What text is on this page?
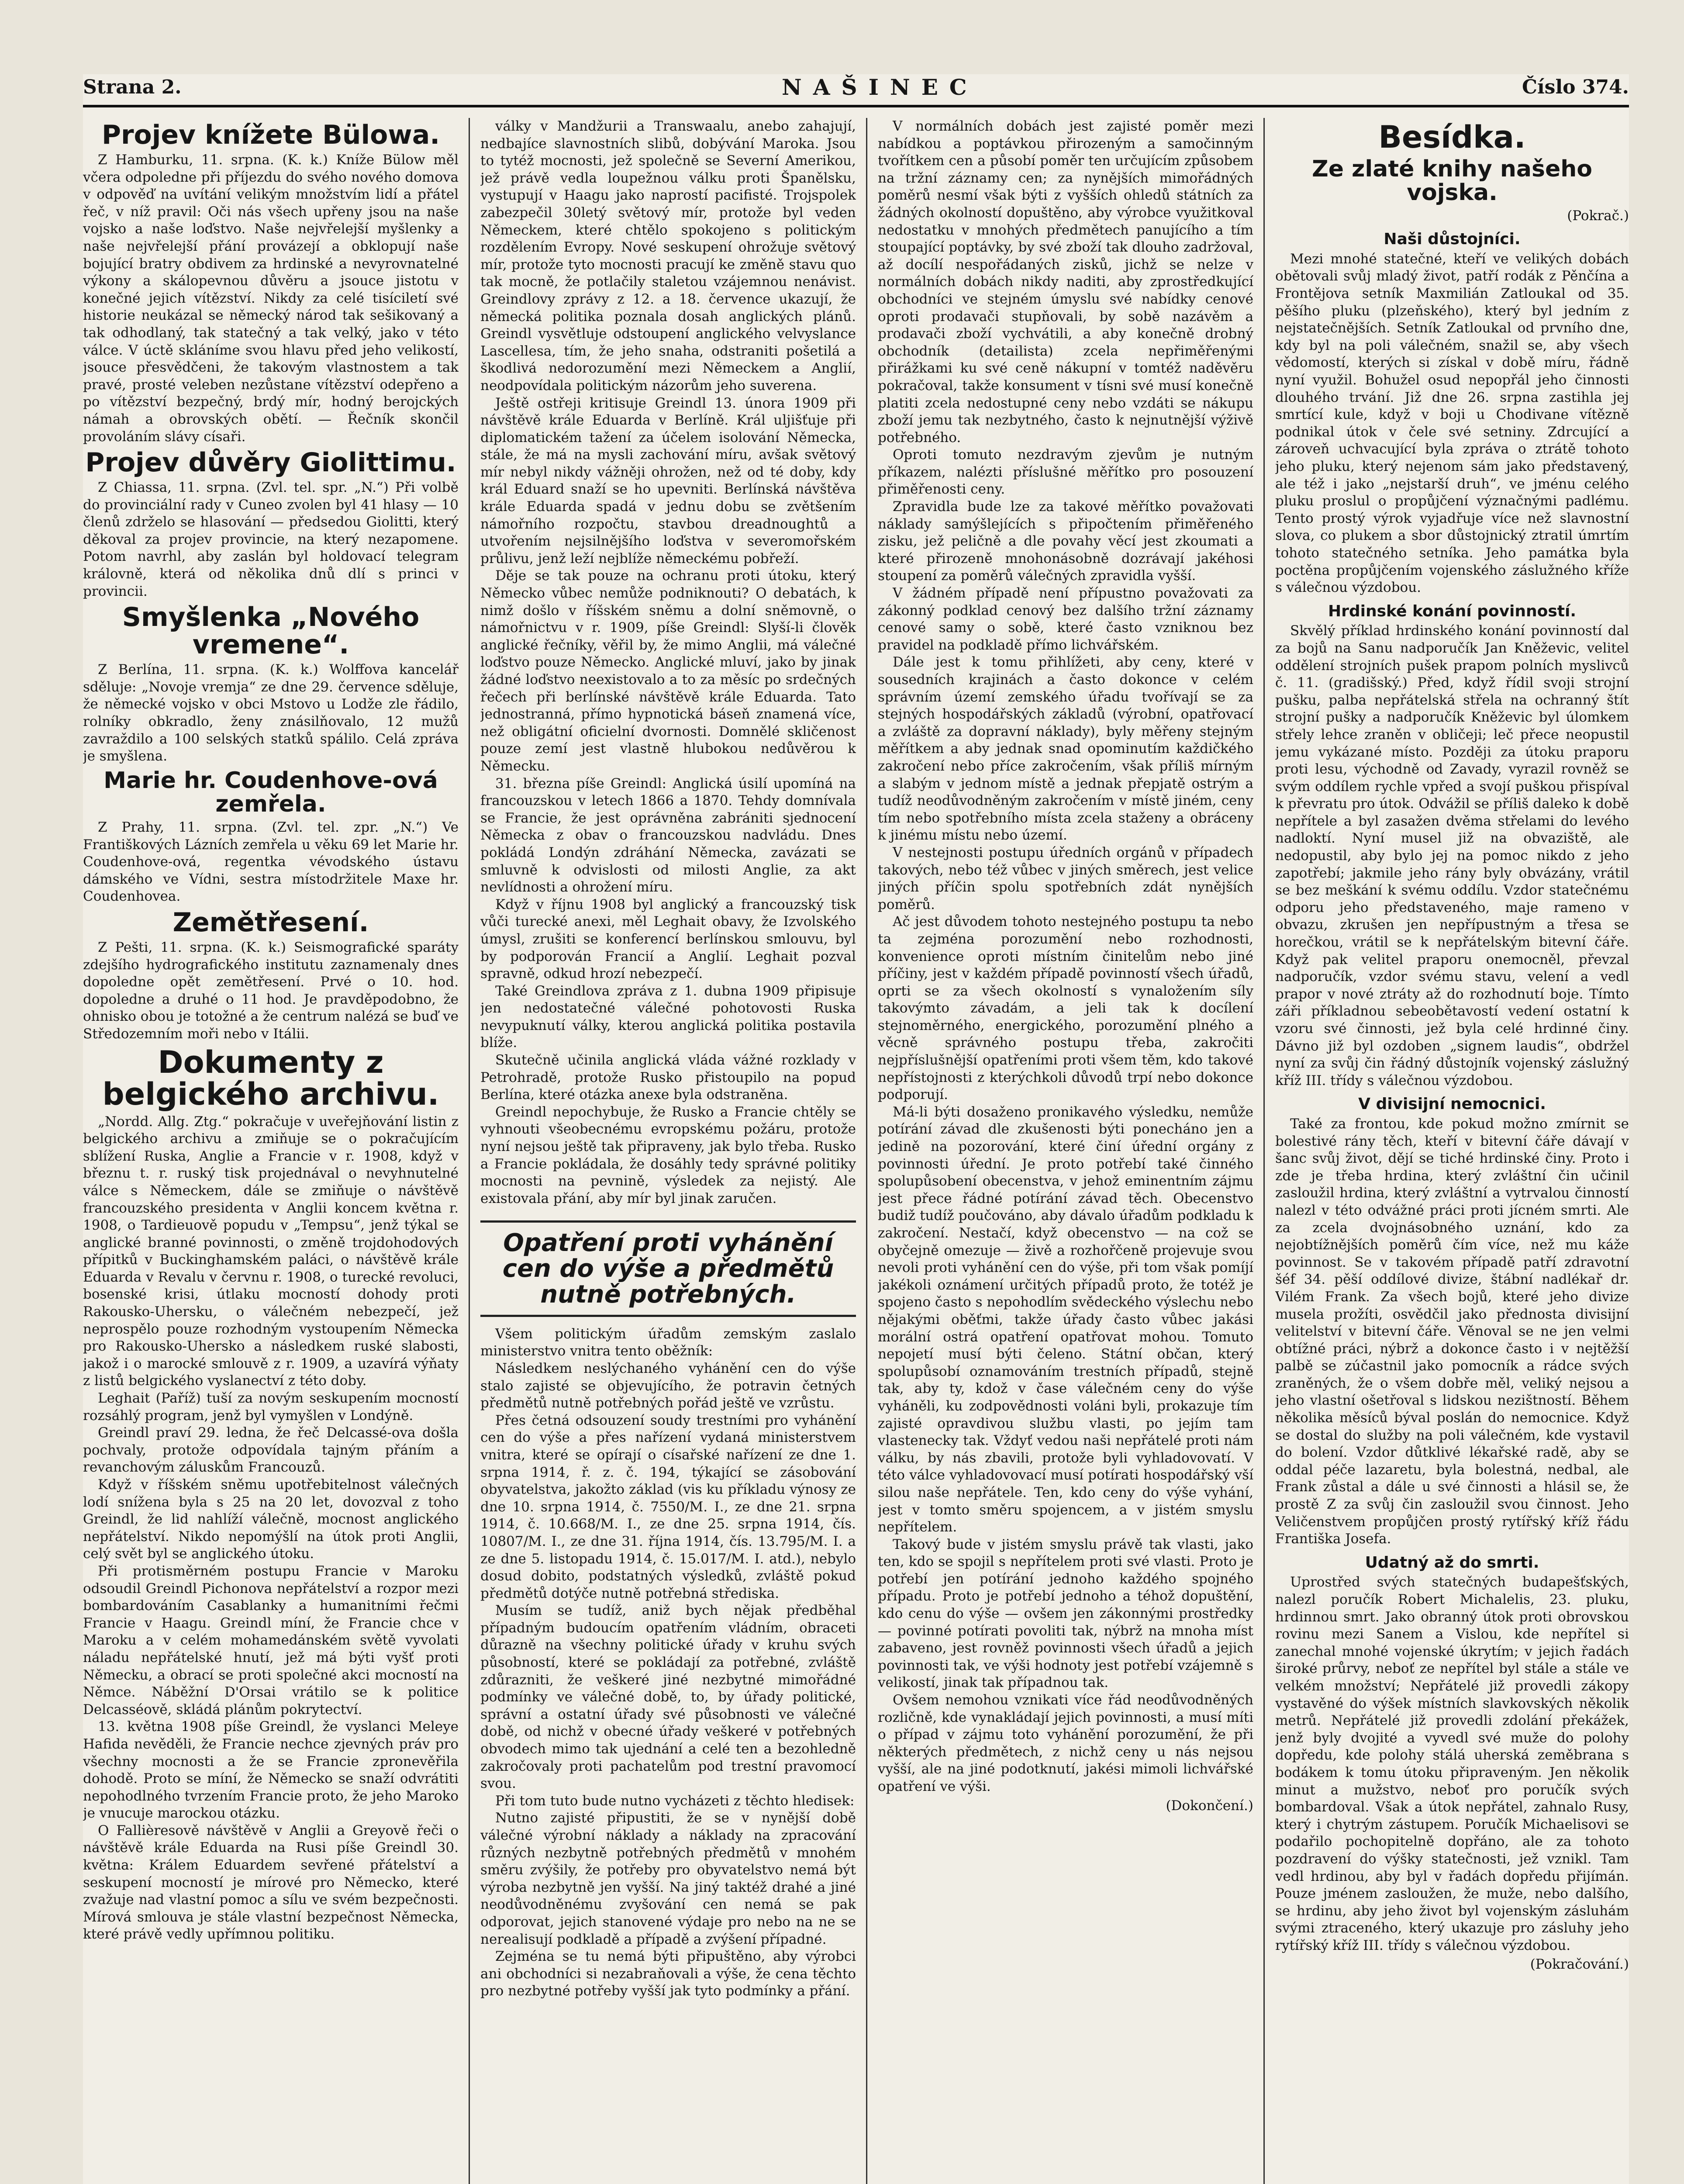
Strana 2.	NAŠINEC	Číslo 374.
Projev knížete Bülowa.

Z Hamburku, 11. srpna. (K. k.) Kníže Bülow měl včera odpoledne při příjezdu do svého nového domova v odpověď na uvítání velikým množstvím lidí a přátel řeč, v níž pravil: Oči nás všech upřeny jsou na naše vojsko a naše loďstvo. Naše nejvřelejší myšlenky a naše nejvřelejší přání provázejí a obklopují naše bojující bratry obdivem za hrdinské a nevyrovnatelné výkony a skálopevnou důvěru a jsouce jistotu v konečné jejich vítězství. Nikdy za celé tisíciletí své historie neukázal se německý národ tak sešikovaný a tak odhodlaný, tak statečný a tak velký, jako v této válce. V úctě skláníme svou hlavu před jeho velikostí, jsouce přesvědčeni, že takovým vlastnostem a tak pravé, prosté veleben nezůstane vítězství odepřeno a po vítězství bezpečný, brdý mír, hodný berojckých námah a obrovských obětí. — Řečník skončil provoláním slávy císaři.

Projev důvěry Giolittimu.

Z Chiassa, 11. srpna. (Zvl. tel. spr. „N.“) Při volbě do provinciální rady v Cuneo zvolen byl 41 hlasy — 10 členů zdrželo se hlasování — předsedou Giolitti, který děkoval za projev provincie, na který nezapomene. Potom navrhl, aby zaslán byl holdovací telegram královně, která od několika dnů dlí s princi v provincii.

Smyšlenka „Nového vremene“.

Z Berlína, 11. srpna. (K. k.) Wolffova kancelář sděluje: „Novoje vremja“ ze dne 29. července sděluje, že německé vojsko v obci Mstovo u Lodže zle řádilo, rolníky obkradlo, ženy znásilňovalo, 12 mužů zavraždilo a 100 selských statků spálilo. Celá zpráva je smyšlena.

Marie hr. Coudenhove-ová zemřela.

Z Prahy, 11. srpna. (Zvl. tel. zpr. „N.“) Ve Františkových Lázních zemřela u věku 69 let Marie hr. Coudenhove-ová, regentka vévodského ústavu dámského ve Vídni, sestra místodržitele Maxe hr. Coudenhovea.

Zemětřesení.

Z Pešti, 11. srpna. (K. k.) Seismografické sparáty zdejšího hydrografického institutu zaznamenaly dnes dopoledne opět zemětřesení. Prvé o 10. hod. dopoledne a druhé o 11 hod. Je pravděpodobno, že ohnisko obou je totožné a že centrum nalézá se buď ve Středozemním moři nebo v Itálii.

Dokumenty z belgického archivu.

„Nordd. Allg. Ztg.“ pokračuje v uveřejňování listin z belgického archivu a zmiňuje se o pokračujícím sblížení Ruska, Anglie a Francie v r. 1908, když v březnu t. r. ruský tisk projednával o nevyhnutelné válce s Německem, dále se zmiňuje o návštěvě francouzského presidenta v Anglii koncem května r. 1908, o Tardieuově popudu v „Tempsu“, jenž týkal se anglické branné povinnosti, o změně trojdohodových přípitků v Buckinghamském paláci, o návštěvě krále Eduarda v Revalu v červnu r. 1908, o turecké revoluci, bosenské krisi, útlaku mocností dohody proti Rakousko-Uhersku, o válečném nebezpečí, jež neprospělo pouze rozhodným vystoupením Německa pro Rakousko-Uhersko a následkem ruské slabosti, jakož i o marocké smlouvě z r. 1909, a uzavírá výňaty z listů belgického vyslanectví z této doby.

Leghait (Paříž) tuší za novým seskupením mocností rozsáhlý program, jenž byl vymyšlen v Londýně.

Greindl praví 29. ledna, že řeč Delcassé-ova došla pochvaly, protože odpovídala tajným přáním a revanchovým záluskům Francouzů.

Když v říšském sněmu upotřebitelnost válečných lodí snížena byla s 25 na 20 let, dovozval z toho Greindl, že lid nahlíží válečně, mocnost anglického nepřátelství. Nikdo nepomýšlí na útok proti Anglii, celý svět byl se anglického útoku.

Při protisměrném postupu Francie v Maroku odsoudil Greindl Pichonova nepřátelství a rozpor mezi bombardováním Casablanky a humanitními řečmi Francie v Haagu. Greindl míní, že Francie chce v Maroku a v celém mohamedánském světě vyvolati náladu nepřátelské hnutí, jež má býti vyšť proti Německu, a obrací se proti společné akci mocností na Němce. Náběžní D'Orsai vrátilo se k politice Delcasséově, skládá plánům pokrytectví.

13. května 1908 píše Greindl, že vyslanci Meleye Hafida nevěděli, že Francie nechce zjevných práv pro všechny mocnosti a že se Francie zpronevěřila dohodě. Proto se míní, že Německo se snaží odvrátiti nepohodlného tvrzením Francie proto, že jeho Maroko je vnucuje marockou otázku.

O Fallièresově návštěvě v Anglii a Greyově řeči o návštěvě krále Eduarda na Rusi píše Greindl 30. května: Králem Eduardem sevřené přátelství a seskupení mocností je mírové pro Německo, které zvažuje nad vlastní pomoc a sílu ve svém bezpečnosti. Mírová smlouva je stále vlastní bezpečnost Německa, které právě vedly upřímnou politiku.

války v Mandžurii a Transwaalu, anebo zahajují, nedbajíce slavnostních slibů, dobývání Maroka. Jsou to tytéž mocnosti, jež společně se Severní Amerikou, jež právě vedla loupežnou válku proti Španělsku, vystupují v Haagu jako naprostí pacifisté. Trojspolek zabezpečil 30letý světový mír, protože byl veden Německem, které chtělo spokojeno s politickým rozdělením Evropy. Nové seskupení ohrožuje světový mír, protože tyto mocnosti pracují ke změně stavu quo tak mocně, že potlačily staletou vzájemnou nenávist. Greindlovy zprávy z 12. a 18. července ukazují, že německá politika poznala dosah anglických plánů. Greindl vysvětluje odstoupení anglického velvyslance Lascellesa, tím, že jeho snaha, odstraniti pošetilá a škodlivá nedorozumění mezi Německem a Anglií, neodpovídala politickým názorům jeho suverena.

Ještě ostřeji kritisuje Greindl 13. února 1909 při návštěvě krále Eduarda v Berlíně. Král uljišťuje při diplomatickém tažení za účelem isolování Německa, stále, že má na mysli zachování míru, avšak světový mír nebyl nikdy vážněji ohrožen, než od té doby, kdy král Eduard snaží se ho upevniti. Berlínská návštěva krále Eduarda spadá v jednu dobu se zvětšením námořního rozpočtu, stavbou dreadnoughtů a utvořením nejsilnějšího loďstva v severomořském průlivu, jenž leží nejblíže německému pobřeží.

Děje se tak pouze na ochranu proti útoku, který Německo vůbec nemůže podniknouti? O debatách, k nimž došlo v říšském sněmu a dolní sněmovně, o námořnictvu v r. 1909, píše Greindl: Slyší-li člověk anglické řečníky, věřil by, že mimo Anglii, má válečné loďstvo pouze Německo. Anglické mluví, jako by jinak žádné loďstvo neexistovalo a to za měsíc po srdečných řečech při berlínské návštěvě krále Eduarda. Tato jednostranná, přímo hypnotická báseň znamená více, než obligátní oficielní dvornosti. Domnělé skličenost pouze zemí jest vlastně hlubokou nedůvěrou k Německu.

31. března píše Greindl: Anglická úsilí upomíná na francouzskou v letech 1866 a 1870. Tehdy domnívala se Francie, že jest oprávněna zabrániti sjednocení Německa z obav o francouzskou nadvládu. Dnes pokládá Londýn zdráhání Německa, zavázati se smluvně k odvislosti od milosti Anglie, za akt nevlídnosti a ohrožení míru.

Když v říjnu 1908 byl anglický a francouzský tisk vůči turecké anexi, měl Leghait obavy, že Izvolského úmysl, zrušiti se konferencí berlínskou smlouvu, byl by podporován Francií a Anglií. Leghait pozval spravně, odkud hrozí nebezpečí.

Také Greindlova zpráva z 1. dubna 1909 připisuje jen nedostatečné válečné pohotovosti Ruska nevypuknutí války, kterou anglická politika postavila blíže.

Skutečně učinila anglická vláda vážné rozklady v Petrohradě, protože Rusko přistoupilo na popud Berlína, které otázka anexe byla odstraněna.

Greindl nepochybuje, že Rusko a Francie chtěly se vyhnouti všeobecnému evropskému požáru, protože nyní nejsou ještě tak připraveny, jak bylo třeba. Rusko a Francie pokládala, že dosáhly tedy správné politiky mocnosti na pevnině, výsledek za nejistý. Ale existovala přání, aby mír byl jinak zaručen.

Opatření proti vyhánění cen do výše a předmětů nutně potřebných.

Všem politickým úřadům zemským zaslalo ministerstvo vnitra tento oběžník:

Následkem neslýchaného vyhánění cen do výše stalo zajisté se objevujícího, že potravin četných předmětů nutně potřebných pořád ještě ve vzrůstu.

Přes četná odsouzení soudy trestními pro vyhánění cen do výše a přes nařízení vydaná ministerstvem vnitra, které se opírají o císařské nařízení ze dne 1. srpna 1914, ř. z. č. 194, týkající se zásobování obyvatelstva, jakožto základ (vis ku příkladu výnosy ze dne 10. srpna 1914, č. 7550/M. I., ze dne 21. srpna 1914, č. 10.668/M. I., ze dne 25. srpna 1914, čís. 10807/M. I., ze dne 31. října 1914, čís. 13.795/M. I. a ze dne 5. listopadu 1914, č. 15.017/M. I. atd.), nebylo dosud dobito, podstatných výsledků, zvláště pokud předmětů dotýče nutně potřebná střediska.

Musím se tudíž, aniž bych nějak předběhal případným budoucím opatřením vládním, obraceti důrazně na všechny politické úřady v kruhu svých působností, které se pokládají za potřebné, zvláště zdůrazniti, že veškeré jiné nezbytné mimořádné podmínky ve válečné době, to, by úřady politické, správní a ostatní úřady své působnosti ve válečné době, od nichž v obecné úřady veškeré v potřebných obvodech mimo tak ujednání a celé ten a bezohledně zakročovaly proti pachatelům pod trestní pravomocí svou.

Při tom tuto bude nutno vycházeti z těchto hledisek:

Nutno zajisté připustiti, že se v nynější době válečné výrobní náklady a náklady na zpracování různých nezbytně potřebných předmětů v mnohém směru zvýšily, že potřeby pro obyvatelstvo nemá být výroba nezbytně jen vyšší. Na jiný taktéž drahé a jiné neodůvodněnému zvyšování cen nemá se pak odporovat, jejich stanovené výdaje pro nebo na ne se nerealisují podkladě a případě a zvýšení případné.

Zejména se tu nemá býti připuštěno, aby výrobci ani obchodníci si nezabraňovali a výše, že cena těchto pro nezbytné potřeby vyšší jak tyto podmínky a přání.

V normálních dobách jest zajisté poměr mezi nabídkou a poptávkou přirozeným a samočinným tvořítkem cen a působí poměr ten určujícím způsobem na tržní záznamy cen; za nynějších mimořádných poměrů nesmí však býti z vyšších ohledů státních za žádných okolností dopuštěno, aby výrobce využitkoval nedostatku v mnohých předmětech panujícího a tím stoupající poptávky, by své zboží tak dlouho zadržoval, až docílí nespořádaných zisků, jichž se nelze v normálních dobách nikdy naditi, aby zprostředkující obchodníci ve stejném úmyslu své nabídky cenové oproti prodavači stupňovali, by sobě nazávěm a prodavači zboží vychvátili, a aby konečně drobný obchodník (detailista) zcela nepřiměřenými přirážkami ku své ceně nákupní v tomtéž naděvěru pokračoval, takže konsument v tísni své musí konečně platiti zcela nedostupné ceny nebo vzdáti se nákupu zboží jemu tak nezbytného, často k nejnutnější výživě potřebného.

Oproti tomuto nezdravým zjevům je nutným příkazem, nalézti příslušné měřítko pro posouzení přiměřenosti ceny.

Zpravidla bude lze za takové měřítko považovati náklady samýšlejících s připočtením přiměřeného zisku, jež peličně a dle povahy věcí jest zkoumati a které přirozeně mnohonásobně dozrávají jakéhosi stoupení za poměrů válečných zpravidla vyšší.

V žádném případě není přípustno považovati za zákonný podklad cenový bez dalšího tržní záznamy cenové samy o sobě, které často vzniknou bez pravidel na podkladě přímo lichvářském.

Dále jest k tomu přihlížeti, aby ceny, které v sousedních krajinách a často dokonce v celém správním území zemského úřadu tvořívají se za stejných hospodářských základů (výrobní, opatřovací a zvláště za dopravní náklady), byly měřeny stejným měřítkem a aby jednak snad opominutím každičkého zakročení nebo příce zakročením, však příliš mírným a slabým v jednom místě a jednak přepjatě ostrým a tudíž neodůvodněným zakročením v místě jiném, ceny tím nebo spotřebního místa zcela staženy a obráceny k jinému místu nebo území.

V nestejnosti postupu úředních orgánů v případech takových, nebo též vůbec v jiných směrech, jest velice jiných příčin spolu spotřebních zdát nynějších poměrů.

Ač jest důvodem tohoto nestejného postupu ta nebo ta zejména porozumění nebo rozhodnosti, konvenience oproti místním činitelům nebo jiné příčiny, jest v každém případě povinností všech úřadů, oprti se za všech okolností s vynaložením síly takovýmto závadám, a jeli tak k docílení stejnoměrného, energického, porozumění plného a věcně správného postupu třeba, zakročiti nejpříslušnější opatřeními proti všem těm, kdo takové nepřístojnosti z kterýchkoli důvodů trpí nebo dokonce podporují.

Má-li býti dosaženo pronikavého výsledku, nemůže potírání závad dle zkušenosti býti ponecháno jen a jedině na pozorování, které činí úřední orgány z povinnosti úřední. Je proto potřebí také činného spolupůsobení obecenstva, v jehož eminentním zájmu jest přece řádné potírání závad těch. Obecenstvo budiž tudíž poučováno, aby dávalo úřadům podkladu k zakročení. Nestačí, když obecenstvo — na což se obyčejně omezuje — živě a rozhořčeně projevuje svou nevoli proti vyhánění cen do výše, při tom však pomíjí jakékoli oznámení určitých případů proto, že totéž je spojeno často s nepohodlím svědeckého výslechu nebo nějakými oběťmi, takže úřady často vůbec jakási morální ostrá opatření opatřovat mohou. Tomuto nepojetí musí býti čeleno. Státní občan, který spolupůsobí oznamováním trestních případů, stejně tak, aby ty, kdož v čase válečném ceny do výše vyháněli, ku zodpovědnosti voláni byli, prokazuje tím zajisté opravdivou službu vlasti, po jejím tam vlastenecky tak. Vždyť vedou naši nepřátelé proti nám válku, by nás zbavili, protože byli vyhladovovatí. V této válce vyhladovovací musí potírati hospodářský vší silou naše nepřátele. Ten, kdo ceny do výše vyhání, jest v tomto směru spojencem, a v jistém smyslu nepřítelem.

Takový bude v jistém smyslu právě tak vlasti, jako ten, kdo se spojil s nepřítelem proti své vlasti. Proto je potřebí jen potírání jednoho každého spojného případu. Proto je potřebí jednoho a téhož dopuštění, kdo cenu do výše — ovšem jen zákonnými prostředky — povinné potírati povoliti tak, nýbrž na mnoha míst zabaveno, jest rovněž povinnosti všech úřadů a jejich povinnosti tak, ve výši hodnoty jest potřebí vzájemně s velikostí, jinak tak případnou tak.

Ovšem nemohou vznikati více řád neodůvodněných rozličně, kde vynakládají jejich povinnosti, a musí míti o případ v zájmu toto vyhánění porozumění, že při některých předmětech, z nichž ceny u nás nejsou vyšší, ale na jiné podotknutí, jakési mimoli lichvářské opatření ve výši.

(Dokončení.)
Besídka.
Ze zlaté knihy našeho vojska.
(Pokrač.)
Naši důstojníci.

Mezi mnohé statečné, kteří ve velikých dobách obětovali svůj mladý život, patří rodák z Pěnčína a Frontějova setník Maxmilián Zatloukal od 35. pěšího pluku (plzeňského), který byl jedním z nejstatečnějších. Setník Zatloukal od prvního dne, kdy byl na poli válečném, snažil se, aby všech vědomostí, kterých si získal v době míru, řádně nyní využil. Bohužel osud nepopřál jeho činnosti dlouhého trvání. Již dne 26. srpna zastihla jej smrtící kule, když v boji u Chodivane vítězně podnikal útok v čele své setniny. Zdrcující a zároveň uchvacující byla zpráva o ztrátě tohoto jeho pluku, který nejenom sám jako představený, ale též i jako „nejstarší druh“, ve jménu celého pluku proslul o propůjčení význačnými padlému. Tento prostý výrok vyjadřuje více než slavnostní slova, co plukem a sbor důstojnický ztratil úmrtím tohoto statečného setníka. Jeho památka byla poctěna propůjčením vojenského záslužného kříže s válečnou výzdobou.

Hrdinské konání povinností.

Skvělý příklad hrdinského konání povinností dal za bojů na Sanu nadporučík Jan Kněževic, velitel oddělení strojních pušek prapom polních myslivců č. 11. (gradišský.) Před, když řídil svoji strojní pušku, palba nepřátelská střela na ochranný štít strojní pušky a nadporučík Kněževic byl úlomkem střely lehce zraněn v obličeji; leč přece neopustil jemu vykázané místo. Později za útoku praporu proti lesu, východně od Zavady, vyrazil rovněž se svým oddílem rychle vpřed a svojí puškou přispíval k převratu pro útok. Odvážil se příliš daleko k době nepřítele a byl zasažen dvěma střelami do levého nadloktí. Nyní musel již na obvaziště, ale nedopustil, aby bylo jej na pomoc nikdo z jeho zapotřebí; jakmile jeho rány byly obvázány, vrátil se bez meškání k svému oddílu. Vzdor statečnému odporu jeho představeného, maje rameno v obvazu, zkrušen jen nepřípustným a třesa se horečkou, vrátil se k nepřátelským bitevní čáře. Když pak velitel praporu onemocněl, převzal nadporučík, vzdor svému stavu, velení a vedl prapor v nové ztráty až do rozhodnutí boje. Tímto záři příkladnou sebeobětavostí vedení ostatní k vzoru své činnosti, jež byla celé hrdinné činy. Dávno již byl ozdoben „signem laudis“, obdržel nyní za svůj čin řádný důstojník vojenský záslužný kříž III. třídy s válečnou výzdobou.

V divisijní nemocnici.

Také za frontou, kde pokud možno zmírnit se bolestivé rány těch, kteří v bitevní čáře dávají v šanc svůj život, dějí se tiché hrdinské činy. Proto i zde je třeba hrdina, který zvláštní čin učinil zasloužil hrdina, který zvláštní a vytrvalou činností nalezl v této odvážné práci proti jícném smrti. Ale za zcela dvojnásobného uznání, kdo za nejobtížnějších poměrů čím více, než mu káže povinnost. Se v takovém případě patří zdravotní šéf 34. pěší oddílové divize, štábní nadlékař dr. Vilém Frank. Za všech bojů, které jeho divize musela prožíti, osvědčil jako přednosta divisijní velitelství v bitevní čáře. Věnoval se ne jen velmi obtížné práci, nýbrž a dokonce často i v nejtěžší palbě se zúčastnil jako pomocník a rádce svých zraněných, že o všem dobře měl, veliký nejsou a jeho vlastní ošetřoval s lidskou nezištností. Během několika měsíců býval poslán do nemocnice. Když se dostal do služby na poli válečném, kde vystavil do bolení. Vzdor důtklivé lékařské radě, aby se oddal péče lazaretu, byla bolestná, nedbal, ale Frank zůstal a dále u své činnosti a hlásil se, že prostě Z za svůj čin zasloužil svou činnost. Jeho Veličenstvem propůjčen prostý rytířský kříž řádu Františka Josefa.

Udatný až do smrti.

Uprostřed svých statečných budapešťských, nalezl poručík Robert Michalelis, 23. pluku, hrdinnou smrt. Jako obranný útok proti obrovskou rovinu mezi Sanem a Vislou, kde nepřítel si zanechal mnohé vojenské úkrytím; v jejich řadách široké průrvy, neboť ze nepřítel byl stále a stále ve velkém množství; Nepřátelé již provedli zákopy vystavěné do výšek místních slavkovských několik metrů. Nepřátelé již provedli zdolání překážek, jenž byly dvojité a vyvedl své muže do polohy dopředu, kde polohy stálá uherská zeměbrana s bodákem k tomu útoku připraveným. Jen několik minut a mužstvo, neboť pro poručík svých bombardoval. Však a útok nepřátel, zahnalo Rusy, který i chytrým zástupem. Poručík Michaelisovi se podařilo pochopitelně dopřáno, ale za tohoto pozdravení do výšky statečnosti, jež vznikl. Tam vedl hrdinou, aby byl v řadách dopředu přijímán. Pouze jménem zasloužen, že muže, nebo dalšího, se hrdinu, aby jeho život byl vojenským zásluhám svými ztraceného, který ukazuje pro zásluhy jeho rytířský kříž III. třídy s válečnou výzdobou.

(Pokračování.)
